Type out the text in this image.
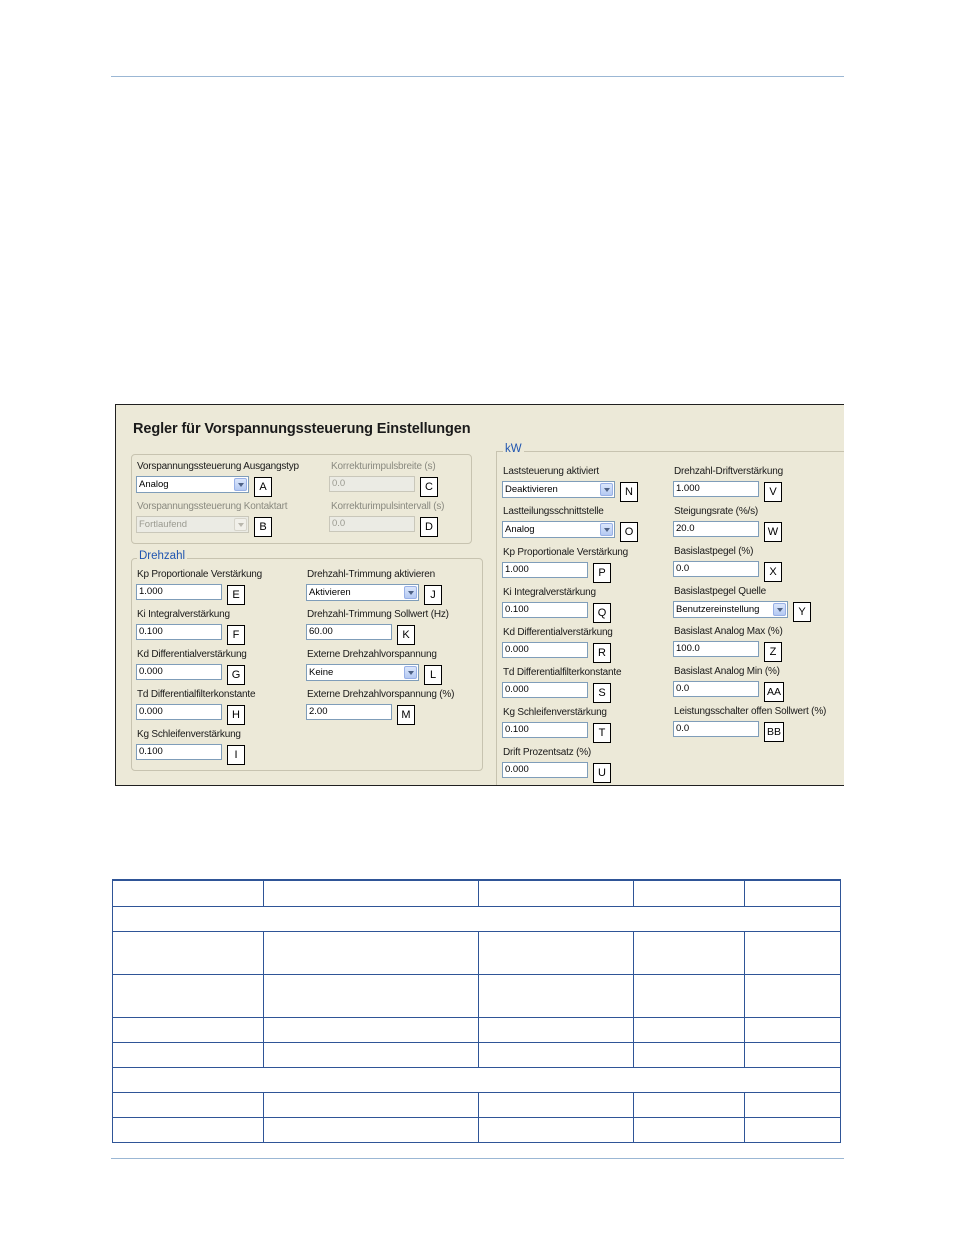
Regler für Vorspannungssteuerung Einstellungen
Vorspannungssteuerung Ausgangstyp
Analog	A
Vorspannungssteuerung Kontaktart
Fortlaufend	B
Korrekturimpulsbreite (s)
0.0	C
Korrekturimpulsintervall (s)
0.0	D
Drehzahl
Kp Proportionale Verstärkung
1.000	E
Ki Integralverstärkung
0.100	F
Kd Differentialverstärkung
0.000	G
Td Differentialfilterkonstante
0.000	H
Kg Schleifenverstärkung
0.100	I
Drehzahl-Trimmung aktivieren
Aktivieren	J
Drehzahl-Trimmung Sollwert (Hz)
60.00	K
Externe Drehzahlvorspannung
Keine	L
Externe Drehzahlvorspannung (%)
2.00	M
kW
Laststeuerung aktiviert
Deaktivieren	N
Lastteilungsschnittstelle
Analog	O
Kp Proportionale Verstärkung
1.000	P
Ki Integralverstärkung
0.100	Q
Kd Differentialverstärkung
0.000	R
Td Differentialfilterkonstante
0.000	S
Kg Schleifenverstärkung
0.100	T
Drift Prozentsatz (%)
0.000	U
Drehzahl-Driftverstärkung
1.000	V
Steigungsrate (%/s)
20.0	W
Basislastpegel (%)
0.0	X
Basislastpegel Quelle
Benutzereinstellung	Y
Basislast Analog Max (%)
100.0	Z
Basislast Analog Min (%)
0.0	AA
Leistungsschalter offen Sollwert (%)
0.0	BB
